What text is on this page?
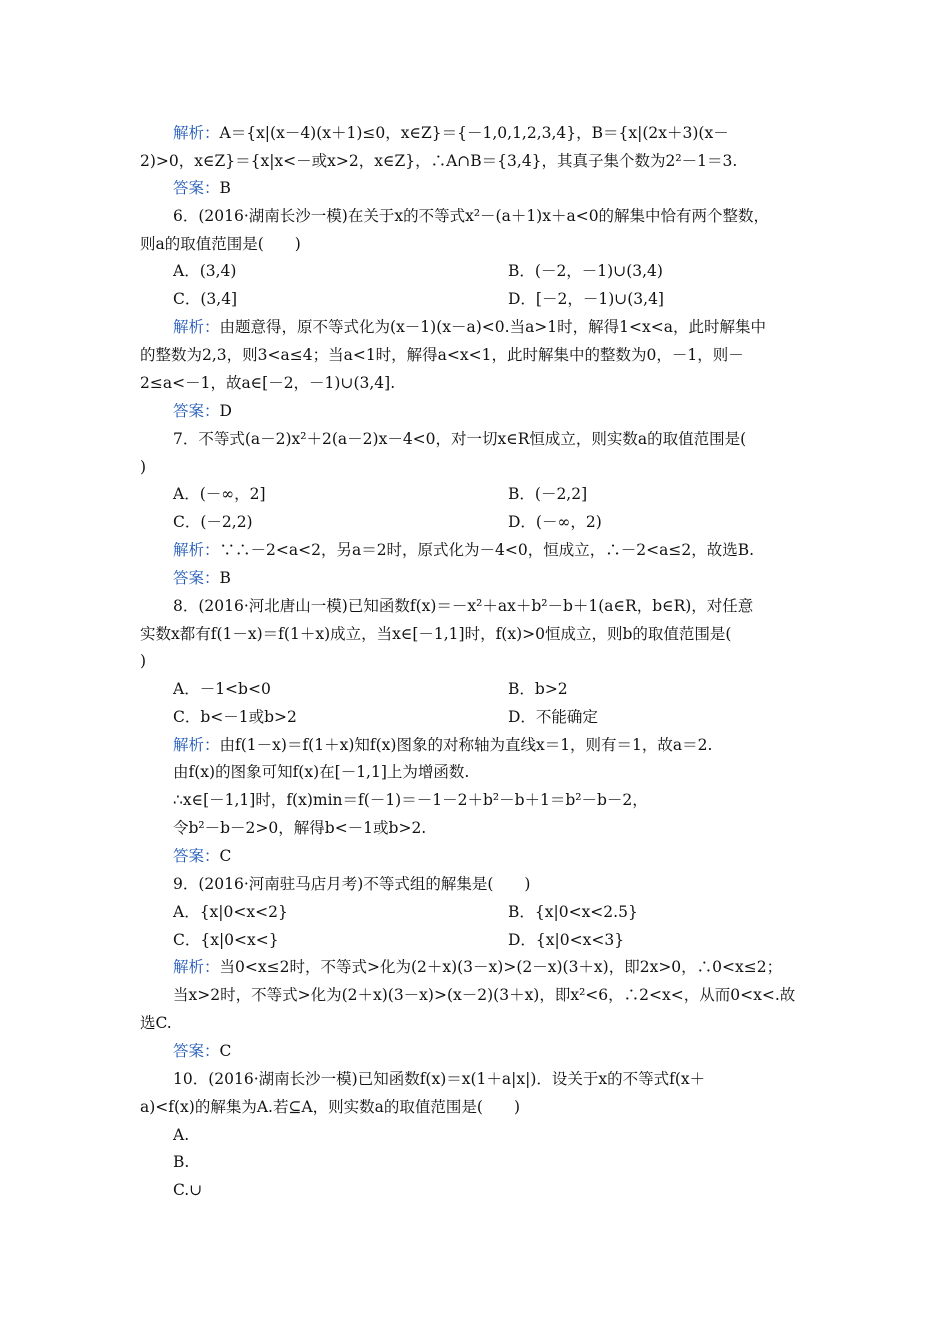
解析：A＝{x|(x－4)(x＋1)≤0，x∈Z}＝{－1,0,1,2,3,4}，B＝{x|(2x＋3)(x－
2)>0，x∈Z}＝{x|x<－或x>2，x∈Z}，∴A∩B＝{3,4}，其真子集个数为2²－1＝3.
答案：B
6．(2016·湖南长沙一模)在关于x的不等式x²－(a＋1)x＋a<0的解集中恰有两个整数，
则a的取值范围是(　　)
A．(3,4)	B．(－2，－1)∪(3,4)
C．(3,4]	D．[－2，－1)∪(3,4]
解析：由题意得，原不等式化为(x－1)(x－a)<0.当a>1时，解得1<x<a，此时解集中
的整数为2,3，则3<a≤4；当a<1时，解得a<x<1，此时解集中的整数为0，－1，则－
2≤a<－1，故a∈[－2，－1)∪(3,4].
答案：D
7．不等式(a－2)x²＋2(a－2)x－4<0，对一切x∈R恒成立，则实数a的取值范围是(
)
A．(－∞，2]	B．(－2,2]
C．(－2,2)	D．(－∞，2)
解析：∵∴－2<a<2，另a＝2时，原式化为－4<0，恒成立，∴－2<a≤2，故选B.
答案：B
8．(2016·河北唐山一模)已知函数f(x)＝－x²＋ax＋b²－b＋1(a∈R，b∈R)，对任意
实数x都有f(1－x)＝f(1＋x)成立，当x∈[－1,1]时，f(x)>0恒成立，则b的取值范围是(
)
A．－1<b<0	B．b>2
C．b<－1或b>2	D．不能确定
解析：由f(1－x)＝f(1＋x)知f(x)图象的对称轴为直线x＝1，则有＝1，故a＝2.
由f(x)的图象可知f(x)在[－1,1]上为增函数.
∴x∈[－1,1]时，f(x)min＝f(－1)＝－1－2＋b²－b＋1＝b²－b－2，
令b²－b－2>0，解得b<－1或b>2.
答案：C
9．(2016·河南驻马店月考)不等式组的解集是(　　)
A．{x|0<x<2}	B．{x|0<x<2.5}
C．{x|0<x<}	D．{x|0<x<3}
解析：当0<x≤2时，不等式>化为(2＋x)(3－x)>(2－x)(3＋x)，即2x>0，∴0<x≤2；
当x>2时，不等式>化为(2＋x)(3－x)>(x－2)(3＋x)，即x²<6，∴2<x<，从而0<x<.故
选C.
答案：C
10．(2016·湖南长沙一模)已知函数f(x)＝x(1＋a|x|)．设关于x的不等式f(x＋
a)<f(x)的解集为A.若⊆A，则实数a的取值范围是(　　)
A.
B.
C.∪
